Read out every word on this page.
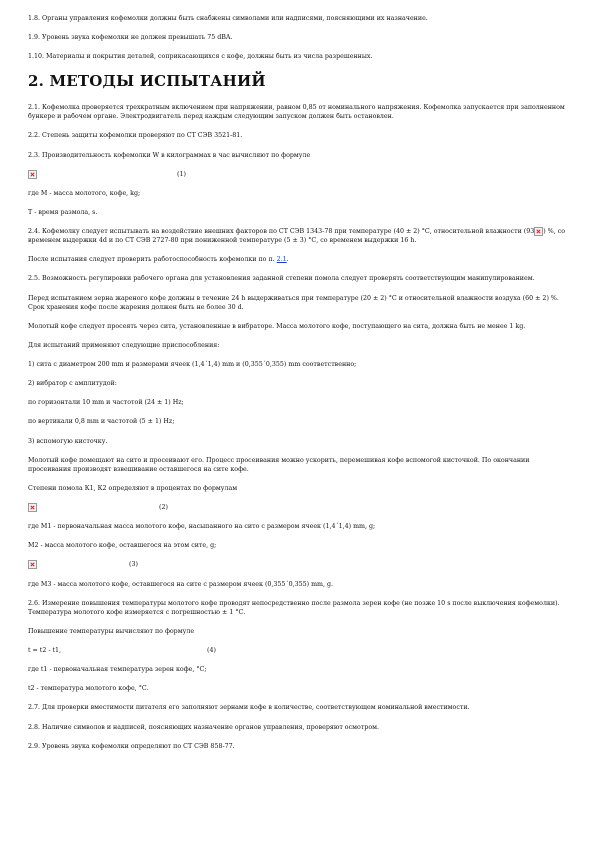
1.8. Органы управления кофемолки должны быть снабжены символами или надписями, поясняющими их назначение.

1.9. Уровень звука кофемолки не должен превышать 75 dBA.

1.10. Материалы и покрытия деталей, соприкасающихся с кофе, должны быть из числа разрешенных.

2. МЕТОДЫ ИСПЫТАНИЙ

2.1. Кофемолка проверяется трехкратным включением при напряжении, равном 0,85 от номинального напряжения. Кофемолка запускается при заполненном бункере и рабочем органе. Электродвигатель перед каждым следующим запуском должен быть остановлен.

2.2. Степень защиты кофемолки проверяют по СТ СЭВ 3521-81.

2.3. Производительность кофемолки W в килограммах в час вычисляют по формуле

(1)

где M - масса молотого, кофе, kg;

T - время размола, s.

2.4. Кофемолку следует испытывать на воздействие внешних факторов по СТ СЭВ 1343-78 при температуре (40 ± 2) °С, относительной влажности (93 ) %, со временем выдержки 4d и по СТ СЭВ 2727-80 при пониженной температуре (5 ± 3) °С, со временем выдержки 16 h.

После испытания следует проверить работоспособность кофемолки по п. 2.1.

2.5. Возможность регулировки рабочего органа для установления заданной степени помола следует проверять соответствующим манипулированием.

Перед испытанием зерна жареного кофе должны в течение 24 h выдерживаться при температуре (20 ± 2) °С и относительной влажности воздуха (60 ± 2) %. Срок хранения кофе после жарения должен быть не более 30 d.

Молотый кофе следует просеять через сита, установленные в вибраторе. Масса молотого кофе, поступающего на сита, должна быть не менее 1 kg.

Для испытаний применяют следующие приспособления:

1) сита с диаметром 200 mm и размерами ячеек (1,4´1,4) mm и (0,355´0,355) mm соответственно;

2) вибратор с амплитудой:

по горизонтали 10 mm и частотой (24 ± 1) Hz;

по вертикали 0,8 mm и частотой (5 ± 1) Hz;

3) вспомогую кисточку.

Молотый кофе помещают на сито и просеивают его. Процесс просеивания можно ускорить, перемешивая кофе вспомогой кисточкой. По окончании просеивания производят взвешивание оставшегося на сите кофе.

Степени помола К1, К2 определяют в процентах по формулам

(2)

где М1 - первоначальная масса молотого кофе, насыпанного на сито с размером ячеек (1,4´1,4) mm, g;

М2 - масса молотого кофе, оставшегося на этом сите, g;

(3)

где М3 - масса молотого кофе, оставшегося на сите с размером ячеек (0,355´0,355) mm, g.

2.6. Измерение повышения температуры молотого кофе проводят непосредственно после размола зерен кофе (не позже 10 s после выключения кофемолки). Температура молотого кофе измеряется с погрешностью ± 1 °С.

Повышение температуры вычисляют по формуле

t = t2 - t1,	(4)

где t1 - первоначальная температура зерен кофе, °С;

t2 - температура молотого кофе, °С.

2.7. Для проверки вместимости питателя его заполняют зернами кофе в количестве, соответствующем номинальной вместимости.

2.8. Наличие символов и надписей, поясняющих назначение органов управления, проверяют осмотром.

2.9. Уровень звука кофемолки определяют по СТ СЭВ 858-77.
